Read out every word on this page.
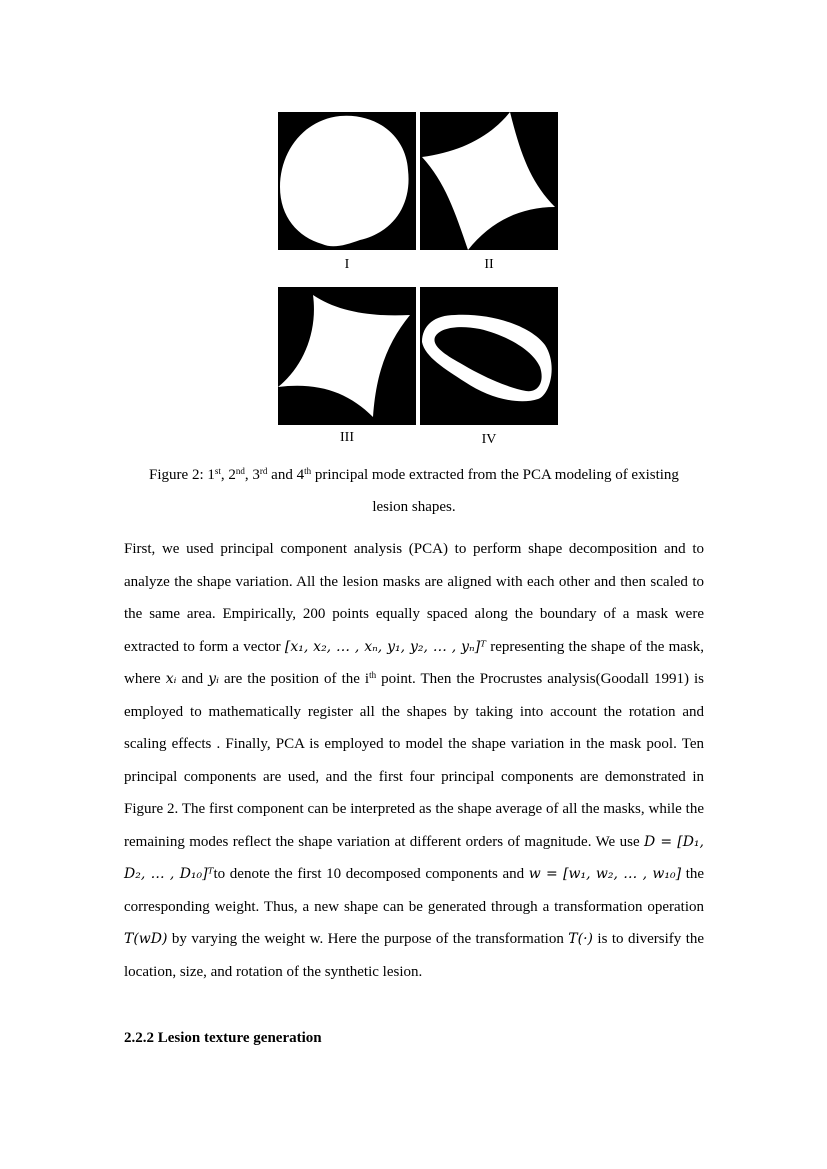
I	II
III	IV
Figure 2: 1st, 2nd, 3rd and 4th principal mode extracted from the PCA modeling of existing
lesion shapes.

First, we used principal component analysis (PCA) to perform shape decomposition and to analyze the shape variation. All the lesion masks are aligned with each other and then scaled to the same area. Empirically, 200 points equally spaced along the boundary of a mask were extracted to form a vector [x₁, x₂, … , xₙ, y₁, y₂, … , yₙ]ᵀ representing the shape of the mask, where xᵢ and yᵢ are the position of the $i^{th}$ point. Then the Procrustes analysis(Goodall 1991) is employed to mathematically register all the shapes by taking into account the rotation and scaling effects . Finally, PCA is employed to model the shape variation in the mask pool. Ten principal components are used, and the first four principal components are demonstrated in Figure 2. The first component can be interpreted as the shape average of all the masks, while the remaining modes reflect the shape variation at different orders of magnitude. We use D = [D₁, D₂, … , D₁₀]ᵀto denote the first 10 decomposed components and w = [w₁, w₂, … , w₁₀] the corresponding weight. Thus, a new shape can be generated through a transformation operation T(wD) by varying the weight w. Here the purpose of the transformation T(·) is to diversify the location, size, and rotation of the synthetic lesion.

2.2.2 Lesion texture generation
